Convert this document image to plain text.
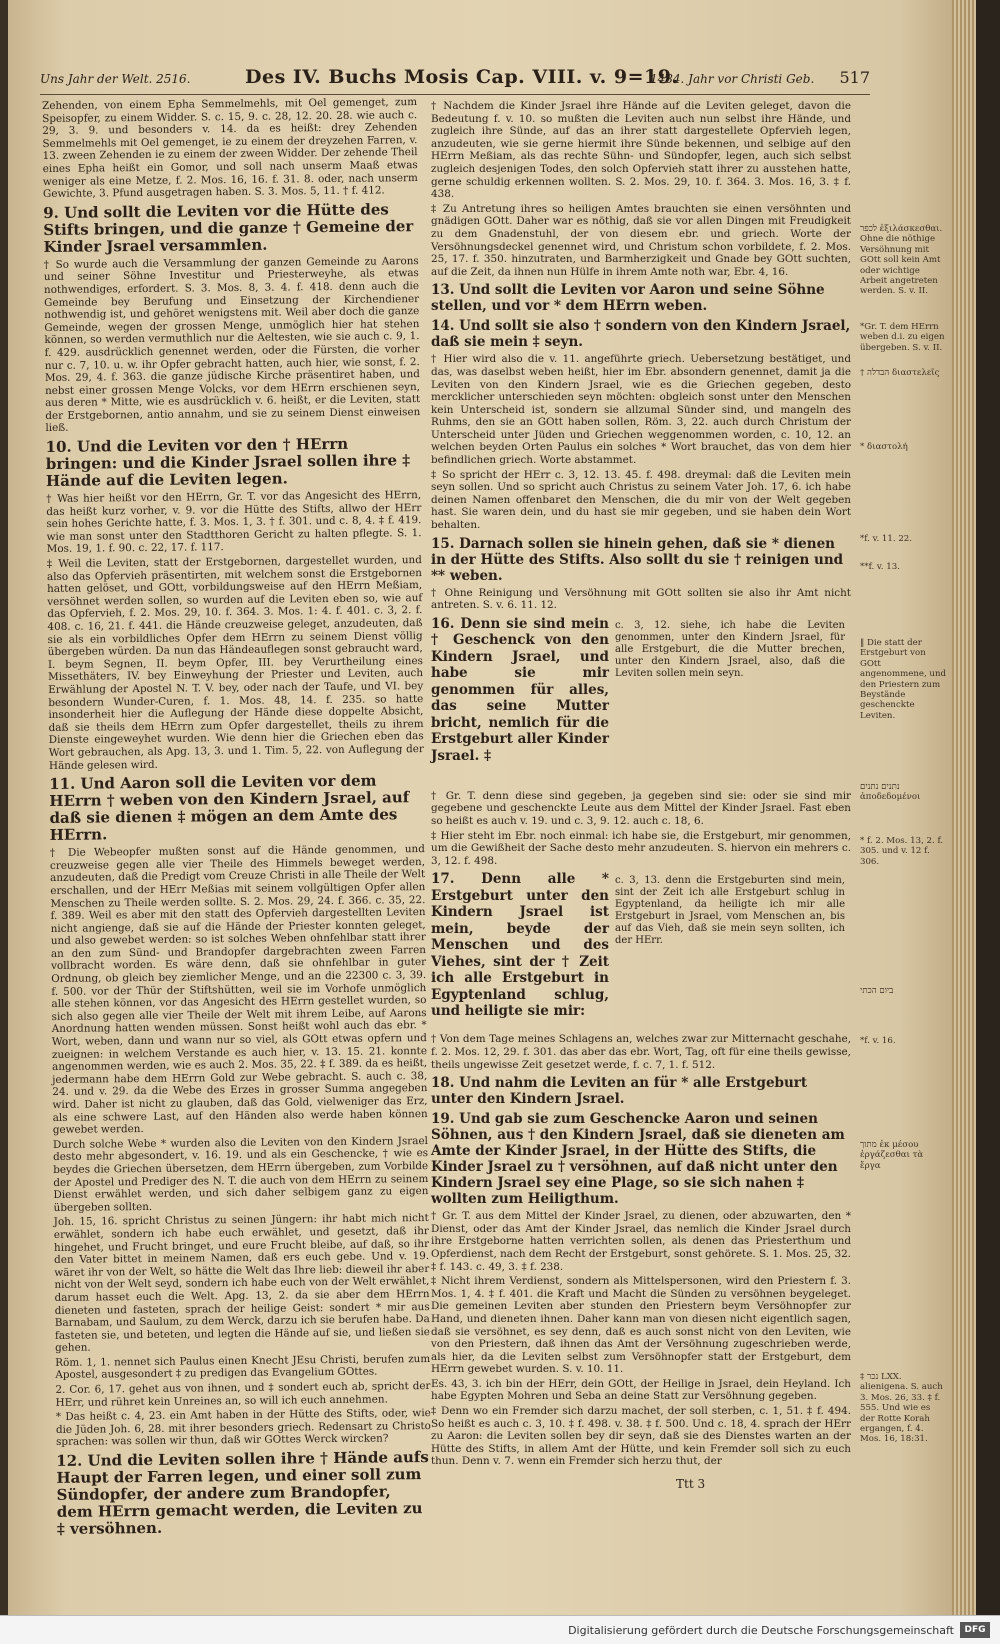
Uns Jahr der Welt. 2516.	Des IV. Buchs Mosis Cap. VIII. v. 9=19.
1484. Jahr vor Christi Geb. 517

Zehenden, von einem Epha Semmelmehls, mit Oel gemenget, zum Speisopfer, zu einem Widder. S. c. 15, 9. c. 28, 12. 20. 28. wie auch c. 29, 3. 9. und besonders v. 14. da es heißt: drey Zehenden Semmelmehls mit Oel gemenget, ie zu einem der dreyzehen Farren, v. 13. zween Zehenden ie zu einem der zween Widder. Der zehende Theil eines Epha heißt ein Gomor, und soll nach unserm Maaß etwas weniger als eine Metze, f. 2. Mos. 16, 16. f. 31. 8. oder, nach unserm Gewichte, 3. Pfund ausgetragen haben. S. 3. Mos. 5, 11. † f. 412.

9. Und sollt die Leviten vor die Hütte des Stifts bringen, und die ganze † Gemeine der Kinder Jsrael versammlen.

† So wurde auch die Versammlung der ganzen Gemeinde zu Aarons und seiner Söhne Investitur und Priesterweyhe, als etwas nothwendiges, erfordert. S. 3. Mos. 8, 3. 4. f. 418. denn auch die Gemeinde bey Berufung und Einsetzung der Kirchendiener nothwendig ist, und gehöret wenigstens mit. Weil aber doch die ganze Gemeinde, wegen der grossen Menge, unmöglich hier hat stehen können, so werden vermuthlich nur die Aeltesten, wie sie auch c. 9, 1. f. 429. ausdrücklich genennet werden, oder die Fürsten, die vorher nur c. 7, 10. u. w. ihr Opfer gebracht hatten, auch hier, wie sonst, f. 2. Mos. 29, 4. f. 363. die ganze jüdische Kirche präsentiret haben, und nebst einer grossen Menge Volcks, vor dem HErrn erschienen seyn, aus deren * Mitte, wie es ausdrücklich v. 6. heißt, er die Leviten, statt der Erstgebornen, antio annahm, und sie zu seinem Dienst einweisen ließ.

10. Und die Leviten vor den † HErrn bringen: und die Kinder Jsrael sollen ihre ‡ Hände auf die Leviten legen.

† Was hier heißt vor den HErrn, Gr. T. vor das Angesicht des HErrn, das heißt kurz vorher, v. 9. vor die Hütte des Stifts, allwo der HErr sein hohes Gerichte hatte, f. 3. Mos. 1, 3. † f. 301. und c. 8, 4. ‡ f. 419. wie man sonst unter den Stadtthoren Gericht zu halten pflegte. S. 1. Mos. 19, 1. f. 90. c. 22, 17. f. 117.

‡ Weil die Leviten, statt der Erstgebornen, dargestellet wurden, und also das Opfervieh präsentirten, mit welchem sonst die Erstgebornen hatten gelöset, und GOtt, vorbildungsweise auf den HErrn Meßiam, versöhnet werden sollen, so wurden auf die Leviten eben so, wie auf das Opfervieh, f. 2. Mos. 29, 10. f. 364. 3. Mos. 1: 4. f. 401. c. 3, 2. f. 408. c. 16, 21. f. 441. die Hände creuzweise geleget, anzudeuten, daß sie als ein vorbildliches Opfer dem HErrn zu seinem Dienst völlig übergeben würden. Da nun das Händeauflegen sonst gebraucht ward, I. beym Segnen, II. beym Opfer, III. bey Verurtheilung eines Missethäters, IV. bey Einweyhung der Priester und Leviten, auch Erwählung der Apostel N. T. V. bey, oder nach der Taufe, und VI. bey besondern Wunder-Curen, f. 1. Mos. 48, 14. f. 235. so hatte insonderheit hier die Auflegung der Hände diese doppelte Absicht, daß sie theils dem HErrn zum Opfer dargestellet, theils zu ihrem Dienste eingeweyhet wurden. Wie denn hier die Griechen eben das Wort gebrauchen, als Apg. 13, 3. und 1. Tim. 5, 22. von Auflegung der Hände gelesen wird.

11. Und Aaron soll die Leviten vor dem HErrn † weben von den Kindern Jsrael, auf daß sie dienen ‡ mögen an dem Amte des HErrn.

† Die Webeopfer mußten sonst auf die Hände genommen, und creuzweise gegen alle vier Theile des Himmels beweget werden, anzudeuten, daß die Predigt vom Creuze Christi in alle Theile der Welt erschallen, und der HErr Meßias mit seinem vollgültigen Opfer allen Menschen zu Theile werden sollte. S. 2. Mos. 29, 24. f. 366. c. 35, 22. f. 389. Weil es aber mit den statt des Opfervieh dargestellten Leviten nicht angienge, daß sie auf die Hände der Priester konnten geleget, und also gewebet werden: so ist solches Weben ohnfehlbar statt ihrer an den zum Sünd- und Brandopfer dargebrachten zween Farren vollbracht worden. Es wäre denn, daß sie ohnfehlbar in guter Ordnung, ob gleich bey ziemlicher Menge, und an die 22300 c. 3, 39. f. 500. vor der Thür der Stiftshütten, weil sie im Vorhofe unmöglich alle stehen können, vor das Angesicht des HErrn gestellet wurden, so sich also gegen alle vier Theile der Welt mit ihrem Leibe, auf Aarons Anordnung hatten wenden müssen. Sonst heißt wohl auch das ebr. * Wort, weben, dann und wann nur so viel, als GOtt etwas opfern und zueignen: in welchem Verstande es auch hier, v. 13. 15. 21. konnte angenommen werden, wie es auch 2. Mos. 35, 22. ‡ f. 389. da es heißt, jedermann habe dem HErrn Gold zur Webe gebracht. S. auch c. 38, 24. und v. 29. da die Webe des Erzes in grosser Summa angegeben wird. Daher ist nicht zu glauben, daß das Gold, vielweniger das Erz, als eine schwere Last, auf den Händen also werde haben können gewebet werden.

Durch solche Webe * wurden also die Leviten von den Kindern Jsrael desto mehr abgesondert, v. 16. 19. und als ein Geschencke, † wie es beydes die Griechen übersetzen, dem HErrn übergeben, zum Vorbilde der Apostel und Prediger des N. T. die auch von dem HErrn zu seinem Dienst erwählet werden, und sich daher selbigem ganz zu eigen übergeben sollten.

Joh. 15, 16. spricht Christus zu seinen Jüngern: ihr habt mich nicht erwählet, sondern ich habe euch erwählet, und gesetzt, daß ihr hingehet, und Frucht bringet, und eure Frucht bleibe, auf daß, so ihr den Vater bittet in meinem Namen, daß ers euch gebe. Und v. 19. wäret ihr von der Welt, so hätte die Welt das Ihre lieb: dieweil ihr aber nicht von der Welt seyd, sondern ich habe euch von der Welt erwählet, darum hasset euch die Welt. Apg. 13, 2. da sie aber dem HErrn dieneten und fasteten, sprach der heilige Geist: sondert * mir aus Barnabam, und Saulum, zu dem Werck, darzu ich sie berufen habe. Da fasteten sie, und beteten, und legten die Hände auf sie, und ließen sie gehen.

Röm. 1, 1. nennet sich Paulus einen Knecht JEsu Christi, berufen zum Apostel, ausgesondert ‡ zu predigen das Evangelium GOttes.

2. Cor. 6, 17. gehet aus von ihnen, und ‡ sondert euch ab, spricht der HErr, und rühret kein Unreines an, so will ich euch annehmen.

* Das heißt c. 4, 23. ein Amt haben in der Hütte des Stifts, oder, wie die Jüden Joh. 6, 28. mit ihrer besonders griech. Redensart zu Christo sprachen: was sollen wir thun, daß wir GOttes Werck wircken?

12. Und die Leviten sollen ihre † Hände aufs Haupt der Farren legen, und einer soll zum Sündopfer, der andere zum Brandopfer, dem HErrn gemacht werden, die Leviten zu ‡ versöhnen.

† Nachdem die Kinder Jsrael ihre Hände auf die Leviten geleget, davon die Bedeutung f. v. 10. so mußten die Leviten auch nun selbst ihre Hände, und zugleich ihre Sünde, auf das an ihrer statt dargestellete Opfervieh legen, anzudeuten, wie sie gerne hiermit ihre Sünde bekennen, und selbige auf den HErrn Meßiam, als das rechte Sühn- und Sündopfer, legen, auch sich selbst zugleich desjenigen Todes, den solch Opfervieh statt ihrer zu ausstehen hatte, gerne schuldig erkennen wollten. S. 2. Mos. 29, 10. f. 364. 3. Mos. 16, 3. ‡ f. 438.

‡ Zu Antretung ihres so heiligen Amtes brauchten sie einen versöhnten und gnädigen GOtt. Daher war es nöthig, daß sie vor allen Dingen mit Freudigkeit zu dem Gnadenstuhl, der von diesem ebr. und griech. Worte der Versöhnungsdeckel genennet wird, und Christum schon vorbildete, f. 2. Mos. 25, 17. f. 350. hinzutraten, und Barmherzigkeit und Gnade bey GOtt suchten, auf die Zeit, da ihnen nun Hülfe in ihrem Amte noth war, Ebr. 4, 16.

13. Und sollt die Leviten vor Aaron und seine Söhne stellen, und vor * dem HErrn weben.
14. Und sollt sie also † sondern von den Kindern Jsrael, daß sie mein ‡ seyn.

† Hier wird also die v. 11. angeführte griech. Uebersetzung bestätiget, und das, was daselbst weben heißt, hier im Ebr. absondern genennet, damit ja die Leviten von den Kindern Jsrael, wie es die Griechen gegeben, desto mercklicher unterschieden seyn möchten: obgleich sonst unter den Menschen kein Unterscheid ist, sondern sie allzumal Sünder sind, und mangeln des Ruhms, den sie an GOtt haben sollen, Röm. 3, 22. auch durch Christum der Unterscheid unter Jüden und Griechen weggenommen worden, c. 10, 12. an welchen beyden Orten Paulus ein solches * Wort brauchet, das von dem hier befindlichen griech. Worte abstammet.

‡ So spricht der HErr c. 3, 12. 13. 45. f. 498. dreymal: daß die Leviten mein seyn sollen. Und so spricht auch Christus zu seinem Vater Joh. 17, 6. ich habe deinen Namen offenbaret den Menschen, die du mir von der Welt gegeben hast. Sie waren dein, und du hast sie mir gegeben, und sie haben dein Wort behalten.

15. Darnach sollen sie hinein gehen, daß sie * dienen in der Hütte des Stifts. Also sollt du sie † reinigen und ** weben.

† Ohne Reinigung und Versöhnung mit GOtt sollten sie also ihr Amt nicht antreten. S. v. 6. 11. 12.

16. Denn sie sind mein † Geschenck von den Kindern Jsrael, und habe sie mir genommen für alles, das seine Mutter bricht, nemlich für die Erstgeburt aller Kinder Jsrael. ‡
c. 3, 12. siehe, ich habe die Leviten genommen, unter den Kindern Jsrael, für alle Erstgeburt, die die Mutter brechen, unter den Kindern Jsrael, also, daß die Leviten sollen mein seyn.

† Gr. T. denn diese sind gegeben, ja gegeben sind sie: oder sie sind mir gegebene und geschenckte Leute aus dem Mittel der Kinder Jsrael. Fast eben so heißt es auch v. 19. und c. 3, 9. 12. auch c. 18, 6.

‡ Hier steht im Ebr. noch einmal: ich habe sie, die Erstgeburt, mir genommen, um die Gewißheit der Sache desto mehr anzudeuten. S. hiervon ein mehrers c. 3, 12. f. 498.

17. Denn alle * Erstgeburt unter den Kindern Jsrael ist mein, beyde der Menschen und des Viehes, sint der † Zeit ich alle Erstgeburt in Egyptenland schlug, und heiligte sie mir:
c. 3, 13. denn die Erstgeburten sind mein, sint der Zeit ich alle Erstgeburt schlug in Egyptenland, da heiligte ich mir alle Erstgeburt in Jsrael, vom Menschen an, bis auf das Vieh, daß sie mein seyn sollten, ich der HErr.

† Von dem Tage meines Schlagens an, welches zwar zur Mitternacht geschahe, f. 2. Mos. 12, 29. f. 301. das aber das ebr. Wort, Tag, oft für eine theils gewisse, theils ungewisse Zeit gesetzet werde, f. c. 7, 1. f. 512.

18. Und nahm die Leviten an für * alle Erstgeburt unter den Kindern Jsrael.
19. Und gab sie zum Geschencke Aaron und seinen Söhnen, aus † den Kindern Jsrael, daß sie dieneten am Amte der Kinder Jsrael, in der Hütte des Stifts, die Kinder Jsrael zu † versöhnen, auf daß nicht unter den Kindern Jsrael sey eine Plage, so sie sich nahen ‡ wollten zum Heiligthum.

† Gr. T. aus dem Mittel der Kinder Jsrael, zu dienen, oder abzuwarten, den * Dienst, oder das Amt der Kinder Jsrael, das nemlich die Kinder Jsrael durch ihre Erstgeborne hatten verrichten sollen, als denen das Priesterthum und Opferdienst, nach dem Recht der Erstgeburt, sonst gehörete. S. 1. Mos. 25, 32. ‡ f. 143. c. 49, 3. ‡ f. 238.

‡ Nicht ihrem Verdienst, sondern als Mittelspersonen, wird den Priestern f. 3. Mos. 1, 4. ‡ f. 401. die Kraft und Macht die Sünden zu versöhnen beygeleget. Die gemeinen Leviten aber stunden den Priestern beym Versöhnopfer zur Hand, und dieneten ihnen. Daher kann man von diesen nicht eigentlich sagen, daß sie versöhnet, es sey denn, daß es auch sonst nicht von den Leviten, wie von den Priestern, daß ihnen das Amt der Versöhnung zugeschrieben werde, als hier, da die Leviten selbst zum Versöhnopfer statt der Erstgeburt, dem HErrn gewebet wurden. S. v. 10. 11.

Es. 43, 3. ich bin der HErr, dein GOtt, der Heilige in Jsrael, dein Heyland. Ich habe Egypten Mohren und Seba an deine Statt zur Versöhnung gegeben.

‡ Denn wo ein Fremder sich darzu machet, der soll sterben, c. 1, 51. ‡ f. 494. So heißt es auch c. 3, 10. ‡ f. 498. v. 38. ‡ f. 500. Und c. 18, 4. sprach der HErr zu Aaron: die Leviten sollen bey dir seyn, daß sie des Dienstes warten an der Hütte des Stifts, in allem Amt der Hütte, und kein Fremder soll sich zu euch thun. Denn v. 7. wenn ein Fremder sich herzu thut, der

לכפר ἐξιλάσκεσθαι. Ohne die nöthige Versöhnung mit GOtt soll kein Amt oder wichtige Arbeit angetreten werden. S. v. II.
*Gr. T. dem HErrn weben d.i. zu eigen übergeben. S. v. II.
† הבדלה διαστελεῖς
* διαστολή
*f. v. 11. 22.
**f. v. 13.
‖ Die statt der Erstgeburt von GOtt angenommene, und den Priestern zum Beystände geschenckte Leviten.
נתנים נתנים ἀποδεδομένοι
* f. 2. Mos. 13, 2. f. 305. und v. 12 f. 306.
ביום הכתי
*f. v. 16.
מתוך ἐκ μέσου ἐργάζεσθαι τὰ ἔργα
‡ נכר LXX. alienigena. S. auch 3. Mos. 26, 33. ‡ f. 555. Und wie es der Rotte Korah ergangen, f. 4. Mos. 16, 18:31.
Ttt 3
Digitalisierung gefördert durch die Deutsche Forschungsgemeinschaft	DFG
